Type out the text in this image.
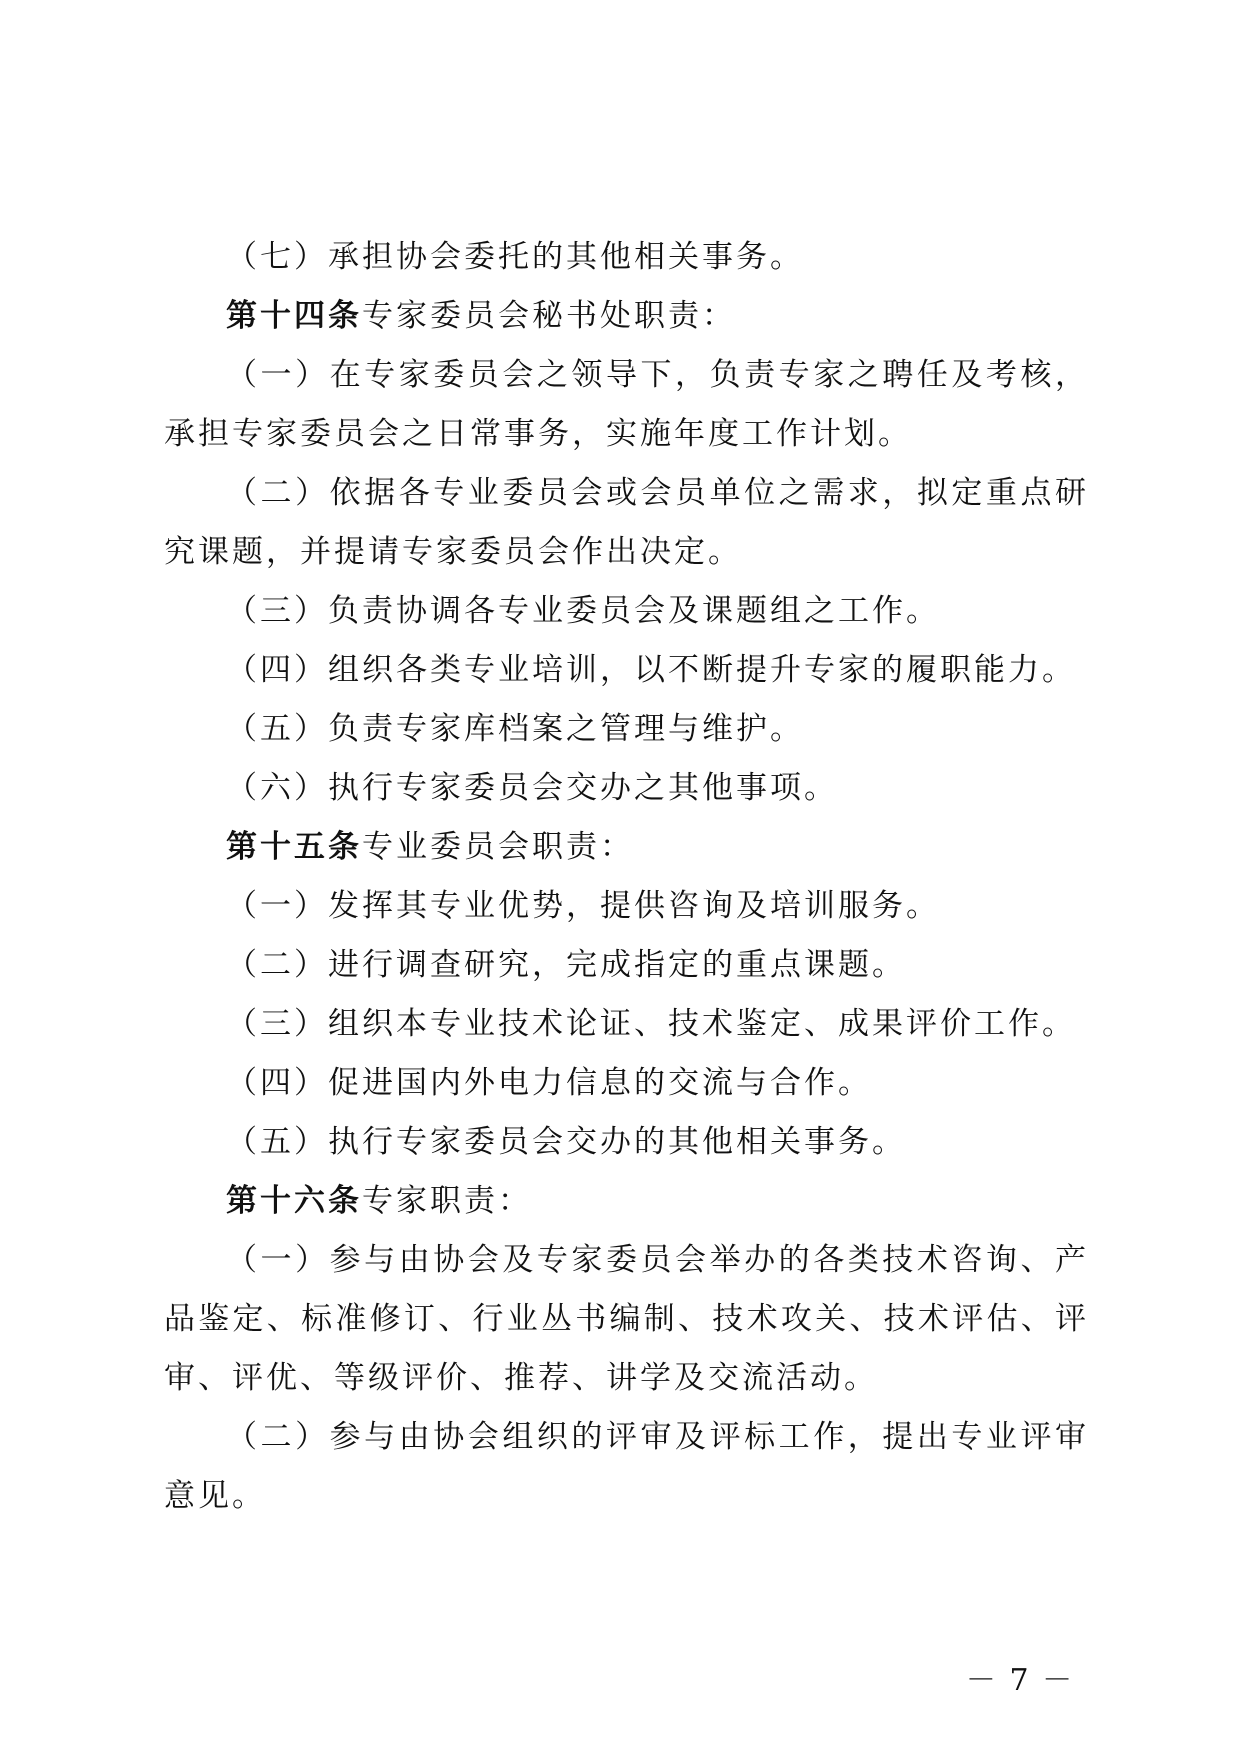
（七）承担协会委托的其他相关事务。

第十四条专家委员会秘书处职责：

（一）在专家委员会之领导下，负责专家之聘任及考核，承担专家委员会之日常事务，实施年度工作计划。

（二）依据各专业委员会或会员单位之需求，拟定重点研究课题，并提请专家委员会作出决定。

（三）负责协调各专业委员会及课题组之工作。

（四）组织各类专业培训，以不断提升专家的履职能力。

（五）负责专家库档案之管理与维护。

（六）执行专家委员会交办之其他事项。

第十五条专业委员会职责：

（一）发挥其专业优势，提供咨询及培训服务。

（二）进行调查研究，完成指定的重点课题。

（三）组织本专业技术论证、技术鉴定、成果评价工作。

（四）促进国内外电力信息的交流与合作。

（五）执行专家委员会交办的其他相关事务。

第十六条专家职责：

（一）参与由协会及专家委员会举办的各类技术咨询、产品鉴定、标准修订、行业丛书编制、技术攻关、技术评估、评审、评优、等级评价、推荐、讲学及交流活动。

（二）参与由协会组织的评审及评标工作，提出专业评审意见。

－ 7 －
